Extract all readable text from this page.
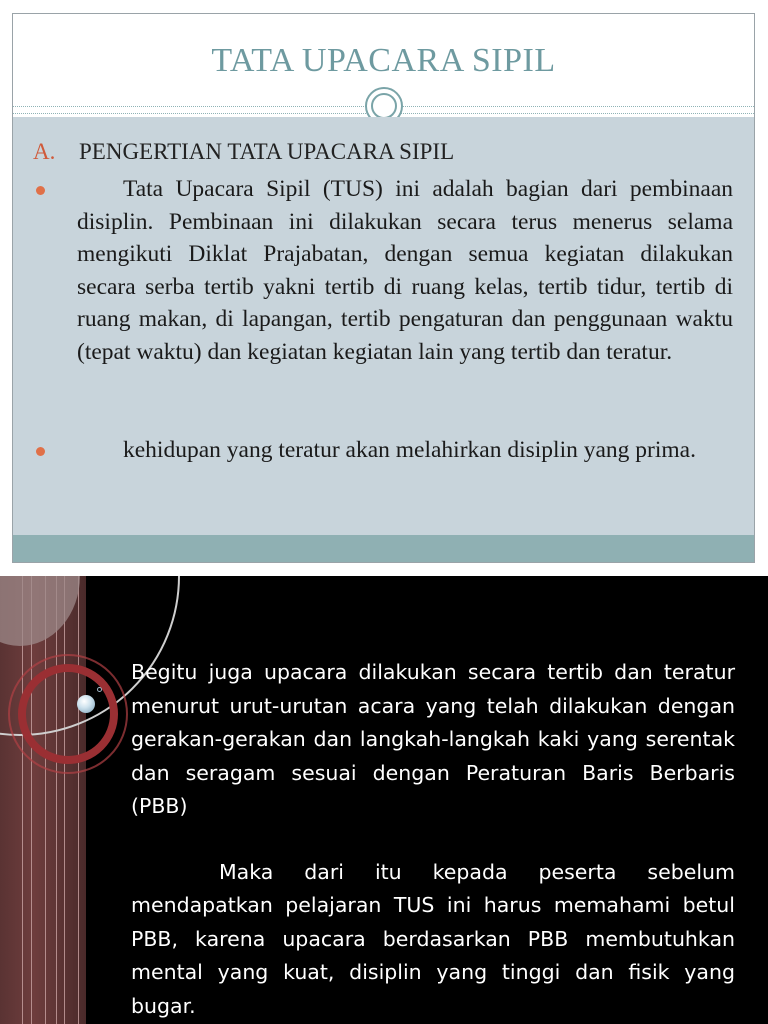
TATA UPACARA SIPIL
A. PENGERTIAN TATA UPACARA SIPIL
Tata Upacara Sipil (TUS) ini adalah bagian dari pembinaan disiplin. Pembinaan ini dilakukan secara terus menerus selama mengikuti Diklat Prajabatan, dengan semua kegiatan dilakukan secara serba tertib yakni tertib di ruang kelas, tertib tidur, tertib di ruang makan, di lapangan, tertib pengaturan dan penggunaan waktu (tepat waktu) dan kegiatan kegiatan lain yang tertib dan teratur.
kehidupan yang teratur akan melahirkan disiplin yang prima.

Begitu juga upacara dilakukan secara tertib dan teratur menurut urut-urutan acara yang telah dilakukan dengan gerakan-gerakan dan langkah-langkah kaki yang serentak dan seragam sesuai dengan Peraturan Baris Berbaris (PBB)

Maka dari itu kepada peserta sebelum mendapatkan pelajaran TUS ini harus memahami betul PBB, karena upacara berdasarkan PBB membutuhkan mental yang kuat, disiplin yang tinggi dan fisik yang bugar.
